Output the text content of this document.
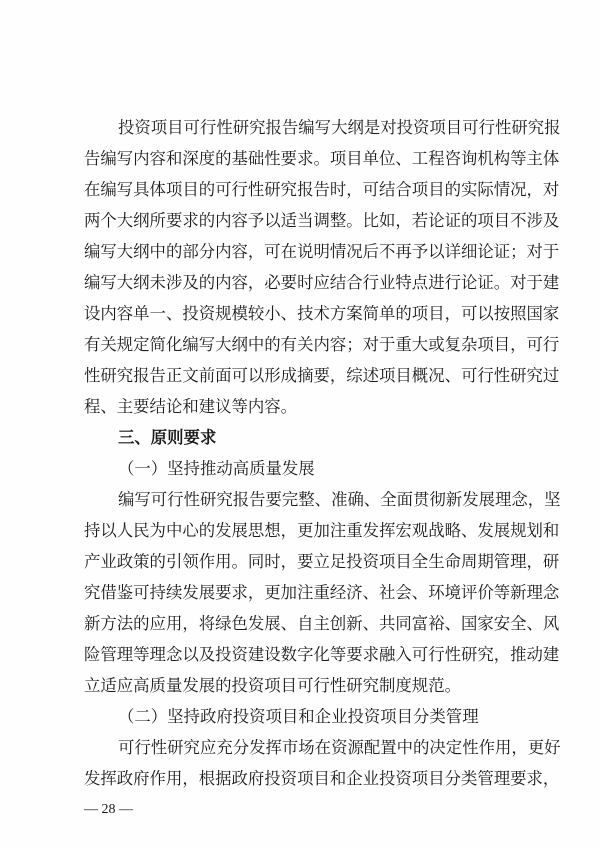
投资项目可行性研究报告编写大纲是对投资项目可行性研究报
告编写内容和深度的基础性要求。项目单位、工程咨询机构等主体
在编写具体项目的可行性研究报告时，可结合项目的实际情况，对
两个大纲所要求的内容予以适当调整。比如，若论证的项目不涉及
编写大纲中的部分内容，可在说明情况后不再予以详细论证；对于
编写大纲未涉及的内容，必要时应结合行业特点进行论证。对于建
设内容单一、投资规模较小、技术方案简单的项目，可以按照国家
有关规定简化编写大纲中的有关内容；对于重大或复杂项目，可行
性研究报告正文前面可以形成摘要，综述项目概况、可行性研究过
程、主要结论和建议等内容。
三、原则要求
（一）坚持推动高质量发展
编写可行性研究报告要完整、准确、全面贯彻新发展理念，坚
持以人民为中心的发展思想，更加注重发挥宏观战略、发展规划和
产业政策的引领作用。同时，要立足投资项目全生命周期管理，研
究借鉴可持续发展要求，更加注重经济、社会、环境评价等新理念
新方法的应用，将绿色发展、自主创新、共同富裕、国家安全、风
险管理等理念以及投资建设数字化等要求融入可行性研究，推动建
立适应高质量发展的投资项目可行性研究制度规范。
（二）坚持政府投资项目和企业投资项目分类管理
可行性研究应充分发挥市场在资源配置中的决定性作用，更好
发挥政府作用，根据政府投资项目和企业投资项目分类管理要求，
— 28 —
